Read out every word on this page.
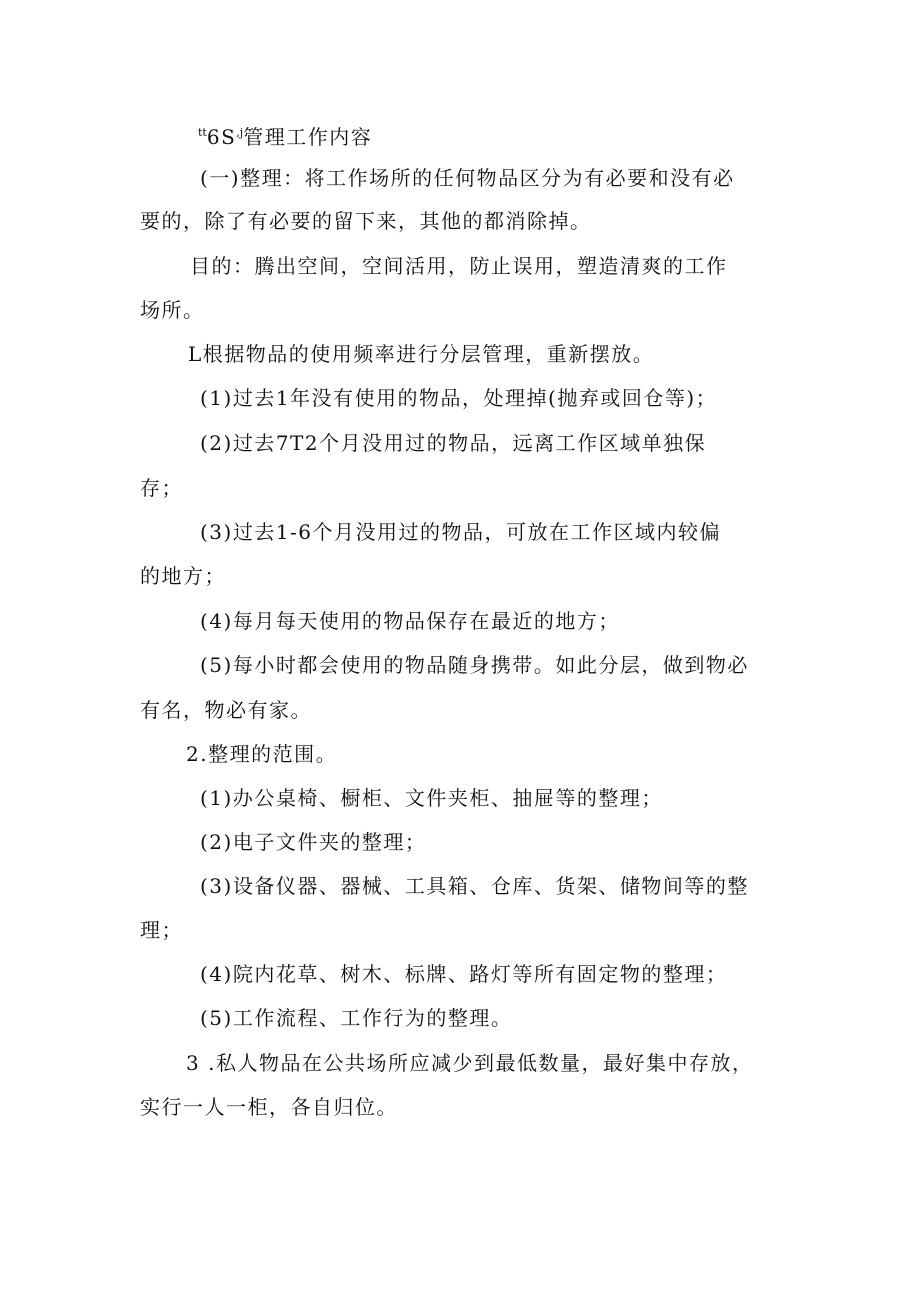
$^{tt}6S^{,j}$管理工作内容
(一)整理：将工作场所的任何物品区分为有必要和没有必
要的，除了有必要的留下来，其他的都消除掉。
目的：腾出空间，空间活用，防止误用，塑造清爽的工作
场所。
L根据物品的使用频率进行分层管理，重新摆放。
(1)过去1年没有使用的物品，处理掉(抛弃或回仓等)；
(2)过去7T2个月没用过的物品，远离工作区域单独保
存；
(3)过去1-6个月没用过的物品，可放在工作区域内较偏
的地方；
(4)每月每天使用的物品保存在最近的地方；
(5)每小时都会使用的物品随身携带。如此分层，做到物必
有名，物必有家。
2.整理的范围。
(1)办公桌椅、橱柜、文件夹柜、抽屉等的整理；
(2)电子文件夹的整理；
(3)设备仪器、器械、工具箱、仓库、货架、储物间等的整
理；
(4)院内花草、树木、标牌、路灯等所有固定物的整理；
(5)工作流程、工作行为的整理。
3 .私人物品在公共场所应减少到最低数量，最好集中存放，
实行一人一柜，各自归位。
